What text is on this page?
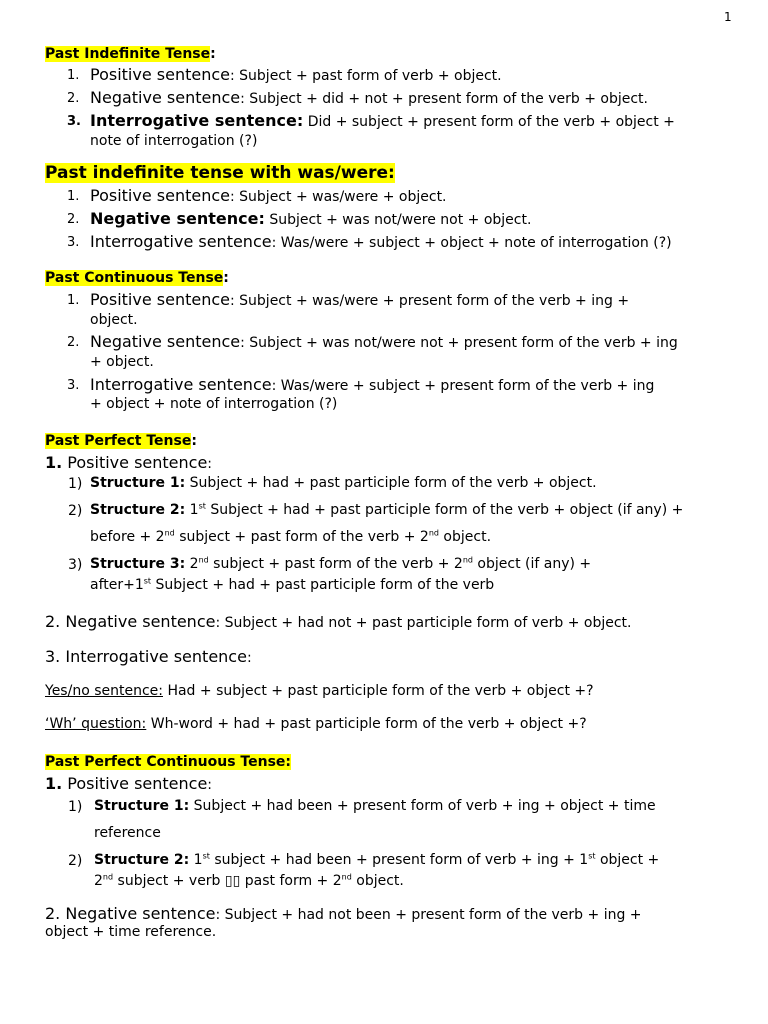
1
Past Indefinite Tense:
1. Positive sentence: Subject + past form of verb + object.
2. Negative sentence: Subject + did + not + present form of the verb + object.
3. Interrogative sentence: Did + subject + present form of the verb + object +
note of interrogation (?)
Past indefinite tense with was/were:
1. Positive sentence: Subject + was/were + object.
2. Negative sentence: Subject + was not/were not + object.
3. Interrogative sentence: Was/were + subject + object + note of interrogation (?)
Past Continuous Tense:
1. Positive sentence: Subject + was/were + present form of the verb + ing +
object.
2. Negative sentence: Subject + was not/were not + present form of the verb + ing
+ object.
3. Interrogative sentence: Was/were + subject + present form of the verb + ing
+ object + note of interrogation (?)
Past Perfect Tense:
1. Positive sentence:
1) Structure 1: Subject + had + past participle form of the verb + object.
2) Structure 2: 1st Subject + had + past participle form of the verb + object (if any) +
before + 2nd subject + past form of the verb + 2nd object.
3) Structure 3: 2nd subject + past form of the verb + 2nd object (if any) +
after+1st Subject + had + past participle form of the verb
2. Negative sentence: Subject + had not + past participle form of verb + object.
3. Interrogative sentence:
Yes/no sentence: Had + subject + past participle form of the verb + object +?
‘Wh’ question: Wh-word + had + past participle form of the verb + object +?
Past Perfect Continuous Tense:
1. Positive sentence:
1) Structure 1: Subject + had been + present form of verb + ing + object + time
reference
2) Structure 2: 1st subject + had been + present form of verb + ing + 1st object +
2nd subject + verb ▯▯ past form + 2nd object.
2. Negative sentence: Subject + had not been + present form of the verb + ing +
object + time reference.
